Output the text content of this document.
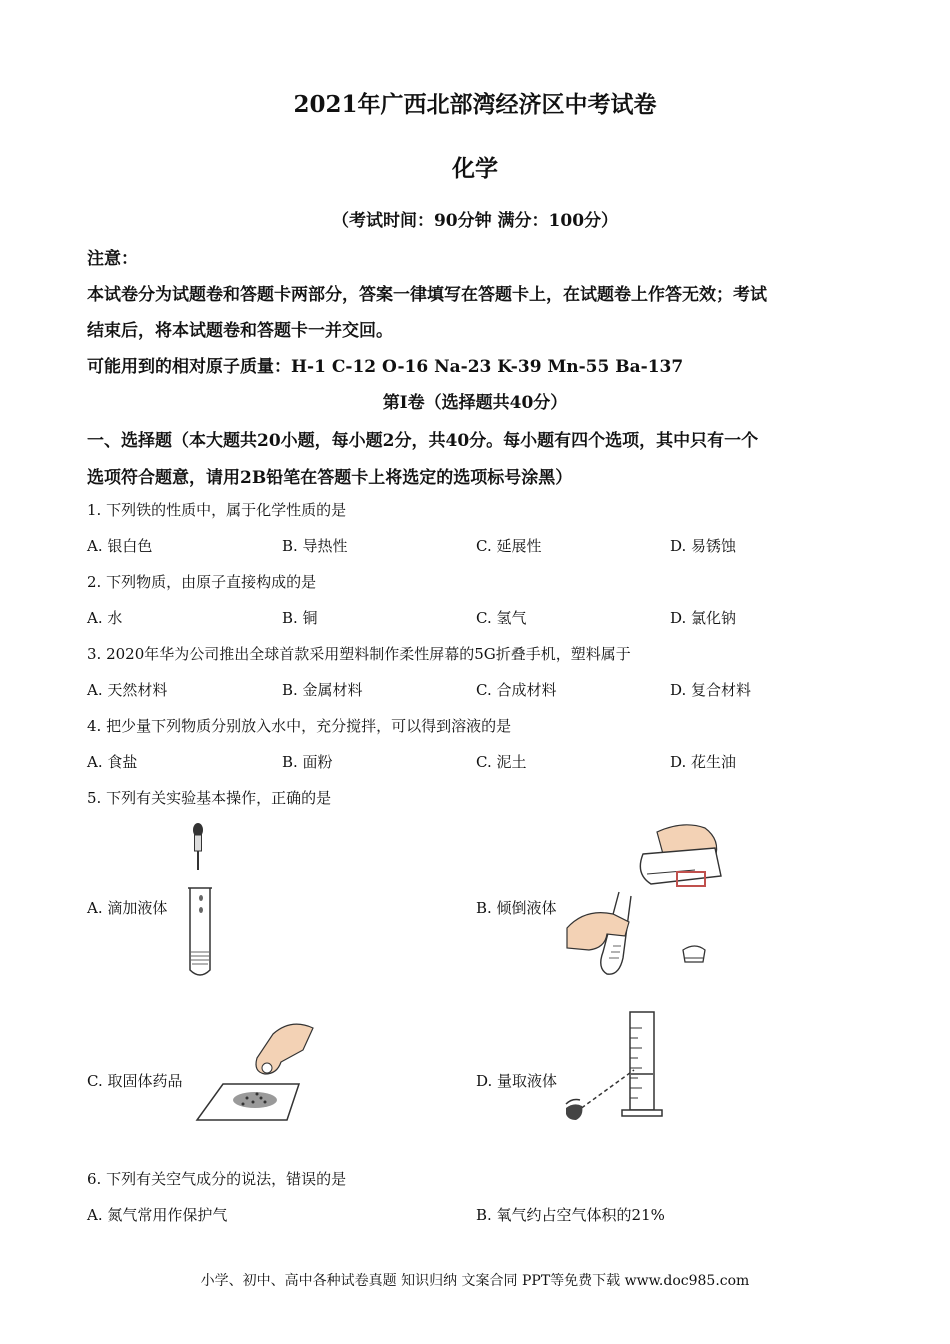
2021年广西北部湾经济区中考试卷
化学
（考试时间：90分钟 满分：100分）
注意：
本试卷分为试题卷和答题卡两部分，答案一律填写在答题卡上，在试题卷上作答无效；考试
结束后，将本试题卷和答题卡一并交回。
可能用到的相对原子质量：H-1 C-12 O-16 Na-23 K-39 Mn-55 Ba-137
第Ⅰ卷（选择题共40分）
一、选择题（本大题共20小题，每小题2分，共40分。每小题有四个选项，其中只有一个
选项符合题意，请用2B铅笔在答题卡上将选定的选项标号涂黑）
1. 下列铁的性质中，属于化学性质的是
A. 银白色	B. 导热性	C. 延展性	D. 易锈蚀
2. 下列物质，由原子直接构成的是
A. 水	B. 铜	C. 氢气	D. 氯化钠
3. 2020年华为公司推出全球首款采用塑料制作柔性屏幕的5G折叠手机，塑料属于
A. 天然材料	B. 金属材料	C. 合成材料	D. 复合材料
4. 把少量下列物质分别放入水中，充分搅拌，可以得到溶液的是
A. 食盐	B. 面粉	C. 泥土	D. 花生油
5. 下列有关实验基本操作，正确的是
A. 滴加液体	B. 倾倒液体
C. 取固体药品	D. 量取液体
6. 下列有关空气成分的说法，错误的是
A. 氮气常用作保护气	B. 氧气约占空气体积的21%
小学、初中、高中各种试卷真题 知识归纳 文案合同 PPT等免费下载 www.doc985.com
